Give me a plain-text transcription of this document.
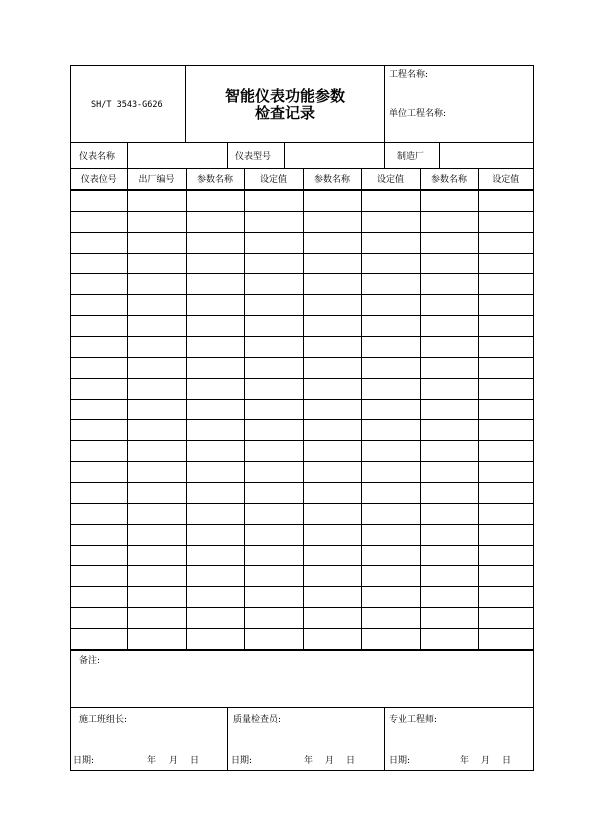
SH/T 3543-G626	智能仪表功能参数
检查记录
工程名称:
单位工程名称:
仪表名称	仪表型号	制造厂
仪表位号	出厂编号	参数名称	设定值	参数名称	设定值	参数名称	设定值

备注:
施工班组长:
日期:	年 月 日
质量检查员:
日期:	年 月 日
专业工程师:
日期:	年 月 日
